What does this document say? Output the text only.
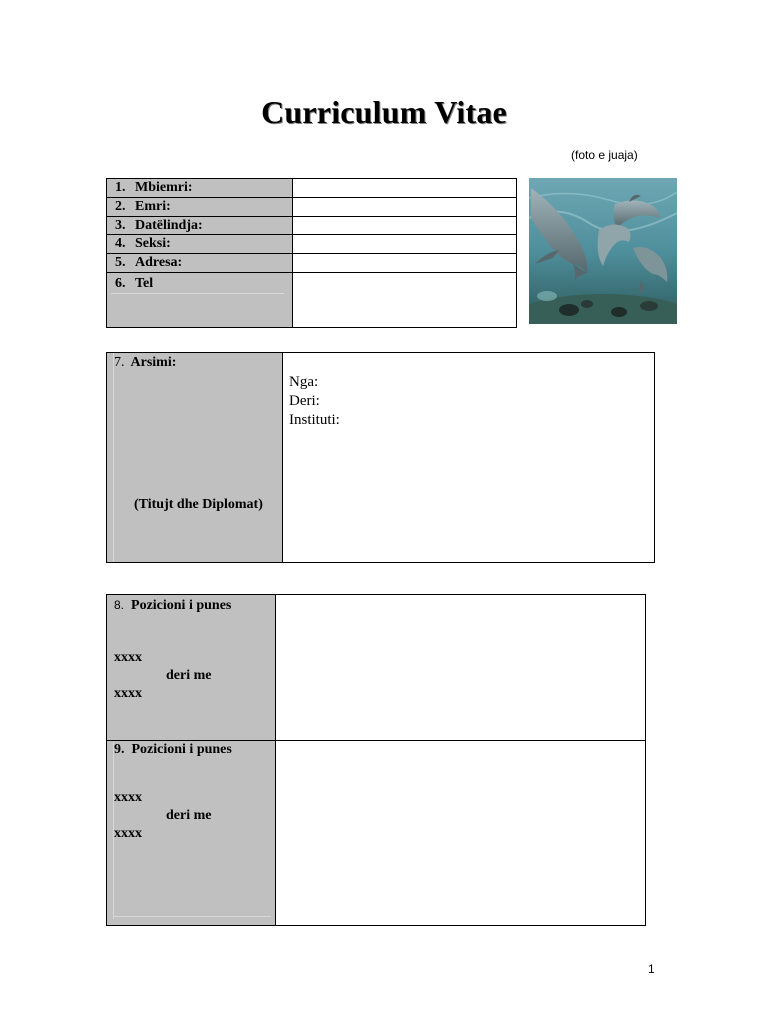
Curriculum Vitae
(foto e juaja)
1. Mbiemri:
2. Emri:
3. Datëlindja:
4. Seksi:
5. Adresa:
6. Tel
7. Arsimi:
(Titujt dhe Diplomat)
Nga:
Deri:
Instituti:
8. Pozicioni i punes
xxxx
deri me
xxxx
9. Pozicioni i punes
xxxx
deri me
xxxx
1
